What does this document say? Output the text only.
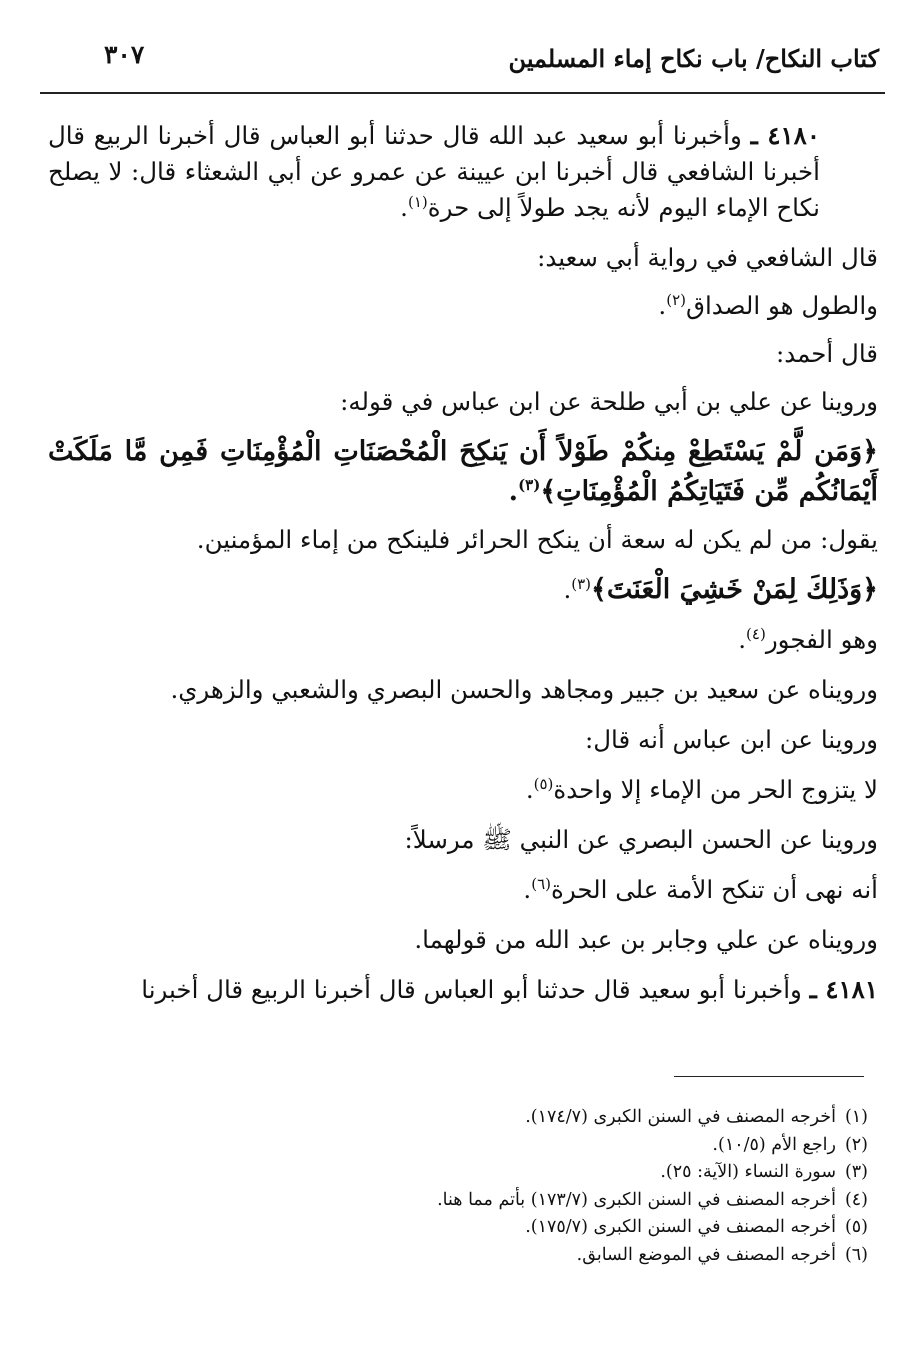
كتاب النكاح/ باب نكاح إماء المسلمين
٣٠٧

٤١٨٠ ـ وأخبرنا أبو سعيد عبد الله قال حدثنا أبو العباس قال أخبرنا الربيع قال أخبرنا الشافعي قال أخبرنا ابن عيينة عن عمرو عن أبي الشعثاء قال: لا يصلح نكاح الإماء اليوم لأنه يجد طولاً إلى حرة$^{(١)}$.

قال الشافعي في رواية أبي سعيد:

والطول هو الصداق$^{(٢)}$.

قال أحمد:

وروينا عن علي بن أبي طلحة عن ابن عباس في قوله:

﴿وَمَن لَّمْ يَسْتَطِعْ مِنكُمْ طَوْلاً أَن يَنكِحَ الْمُحْصَنَاتِ الْمُؤْمِنَاتِ فَمِن مَّا مَلَكَتْ أَيْمَانُكُم مِّن فَتَيَاتِكُمُ الْمُؤْمِنَاتِ﴾$^{(٣)}$.

يقول: من لم يكن له سعة أن ينكح الحرائر فلينكح من إماء المؤمنين.

﴿وَذَلِكَ لِمَنْ خَشِيَ الْعَنَتَ﴾$^{(٣)}$.

وهو الفجور$^{(٤)}$.

ورويناه عن سعيد بن جبير ومجاهد والحسن البصري والشعبي والزهري.

وروينا عن ابن عباس أنه قال:

لا يتزوج الحر من الإماء إلا واحدة$^{(٥)}$.

وروينا عن الحسن البصري عن النبي ﷺ مرسلاً:

أنه نهى أن تنكح الأمة على الحرة$^{(٦)}$.

ورويناه عن علي وجابر بن عبد الله من قولهما.

٤١٨١ ـ وأخبرنا أبو سعيد قال حدثنا أبو العباس قال أخبرنا الربيع قال أخبرنا

(١)
أخرجه المصنف في السنن الكبرى (١٧٤/٧).
(٢)
راجع الأم (١٠/٥).
(٣)
سورة النساء (الآية: ٢٥).
(٤)
أخرجه المصنف في السنن الكبرى (١٧٣/٧) بأتم مما هنا.
(٥)
أخرجه المصنف في السنن الكبرى (١٧٥/٧).
(٦)
أخرجه المصنف في الموضع السابق.
